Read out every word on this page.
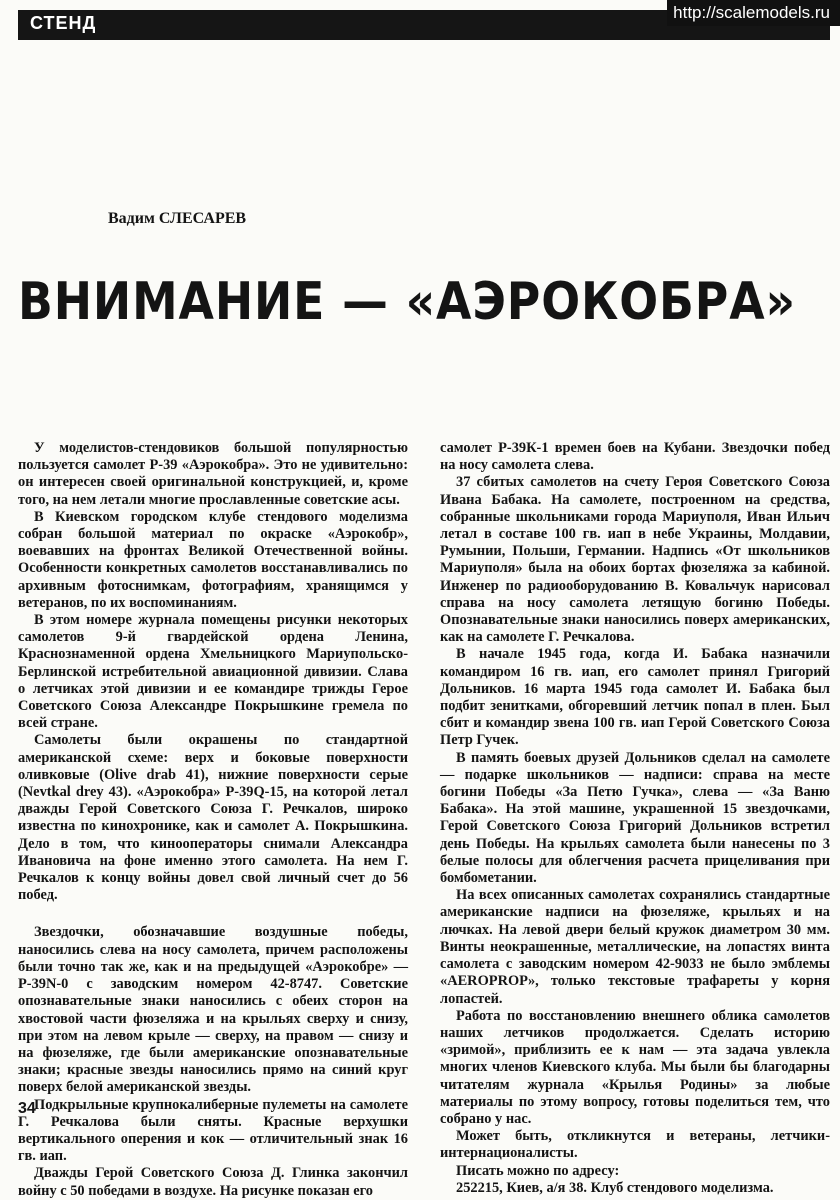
СТЕНД
http://scalemodels.ru
Вадим СЛЕСАРЕВ
ВНИМАНИЕ — «АЭРОКОБРА»

У моделистов-стендовиков большой популярностью пользуется самолет Р-39 «Аэрокобра». Это не удивительно: он интересен своей оригинальной конструкцией, и, кроме того, на нем летали многие прославленные советские асы.

В Киевском городском клубе стендового моделизма собран большой материал по окраске «Аэрокобр», воевавших на фронтах Великой Отечественной войны. Особенности конкретных самолетов восстанавливались по архивным фотоснимкам, фотографиям, хранящимся у ветеранов, по их воспоминаниям.

В этом номере журнала помещены рисунки некоторых самолетов 9-й гвардейской ордена Ленина, Краснознаменной ордена Хмельницкого Мариупольско-Берлинской истребительной авиационной дивизии. Слава о летчиках этой дивизии и ее командире трижды Герое Советского Союза Александре Покрышкине гремела по всей стране.

Самолеты были окрашены по стандартной американской схеме: верх и боковые поверхности оливковые (Olive drab 41), нижние поверхности серые (Nevtkal drey 43). «Аэрокобра» Р-39Q-15, на которой летал дважды Герой Советского Союза Г. Речкалов, широко известна по кинохронике, как и самолет А. Покрышкина. Дело в том, что кинооператоры снимали Александра Ивановича на фоне именно этого самолета. На нем Г. Речкалов к концу войны довел свой личный счет до 56 побед.

Звездочки, обозначавшие воздушные победы, наносились слева на носу самолета, причем расположены были точно так же, как и на предыдущей «Аэрокобре» — Р-39N-0 с заводским номером 42-8747. Советские опознавательные знаки наносились с обеих сторон на хвостовой части фюзеляжа и на крыльях сверху и снизу, при этом на левом крыле — сверху, на правом — снизу и на фюзеляже, где были американские опознавательные знаки; красные звезды наносились прямо на синий круг поверх белой американской звезды.

Подкрыльные крупнокалиберные пулеметы на самолете Г. Речкалова были сняты. Красные верхушки вертикального оперения и кок — отличительный знак 16 гв. иап.

Дважды Герой Советского Союза Д. Глинка закончил войну с 50 победами в воздухе. На рисунке показан его

самолет Р-39К-1 времен боев на Кубани. Звездочки побед на носу самолета слева.

37 сбитых самолетов на счету Героя Советского Союза Ивана Бабака. На самолете, построенном на средства, собранные школьниками города Мариуполя, Иван Ильич летал в составе 100 гв. иап в небе Украины, Молдавии, Румынии, Польши, Германии. Надпись «От школьников Мариуполя» была на обоих бортах фюзеляжа за кабиной. Инженер по радиооборудованию В. Ковальчук нарисовал справа на носу самолета летящую богиню Победы. Опознавательные знаки наносились поверх американских, как на самолете Г. Речкалова.

В начале 1945 года, когда И. Бабака назначили командиром 16 гв. иап, его самолет принял Григорий Дольников. 16 марта 1945 года самолет И. Бабака был подбит зенитками, обгоревший летчик попал в плен. Был сбит и командир звена 100 гв. иап Герой Советского Союза Петр Гучек.

В память боевых друзей Дольников сделал на самолете — подарке школьников — надписи: справа на месте богини Победы «За Петю Гучка», слева — «За Ваню Бабака». На этой машине, украшенной 15 звездочками, Герой Советского Союза Григорий Дольников встретил день Победы. На крыльях самолета были нанесены по 3 белые полосы для облегчения расчета прицеливания при бомбометании.

На всех описанных самолетах сохранялись стандартные американские надписи на фюзеляже, крыльях и на лючках. На левой двери белый кружок диаметром 30 мм. Винты неокрашенные, металлические, на лопастях винта самолета с заводским номером 42-9033 не было эмблемы «AEROPROP», только текстовые трафареты у корня лопастей.

Работа по восстановлению внешнего облика самолетов наших летчиков продолжается. Сделать историю «зримой», приблизить ее к нам — эта задача увлекла многих членов Киевского клуба. Мы были бы благодарны читателям журнала «Крылья Родины» за любые материалы по этому вопросу, готовы поделиться тем, что собрано у нас.

Может быть, откликнутся и ветераны, летчики-интернационалисты.

Писать можно по адресу:

252215, Киев, а/я 38. Клуб стендового моделизма.

34
